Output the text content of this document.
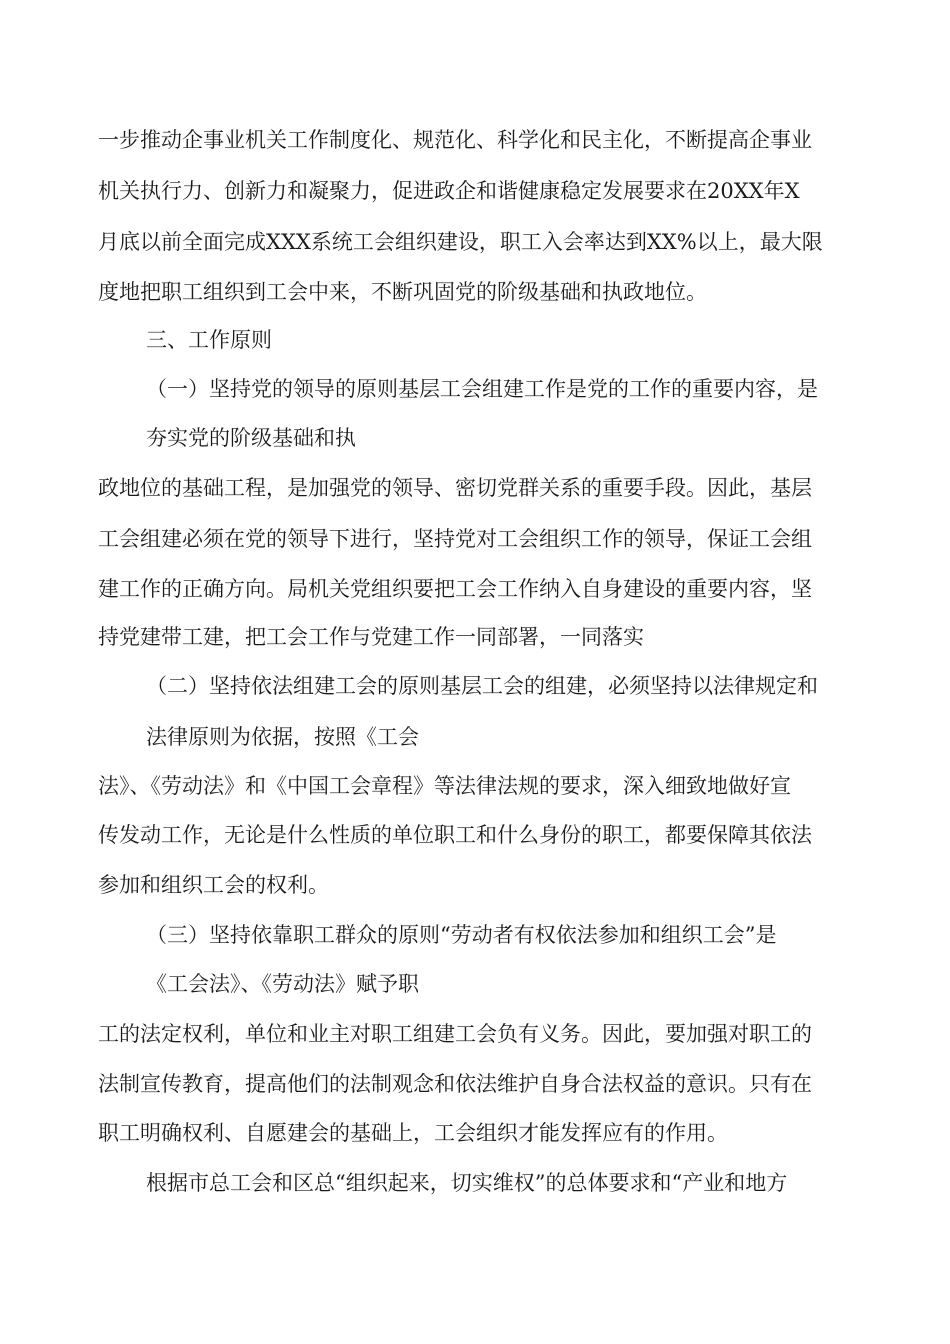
一步推动企事业机关工作制度化、规范化、科学化和民主化，不断提高企事业
机关执行力、创新力和凝聚力，促进政企和谐健康稳定发展要求在20XX年X
月底以前全面完成XXX系统工会组织建设，职工入会率达到XX%以上，最大限
度地把职工组织到工会中来，不断巩固党的阶级基础和执政地位。
三、工作原则
（一）坚持党的领导的原则基层工会组建工作是党的工作的重要内容，是
夯实党的阶级基础和执
政地位的基础工程，是加强党的领导、密切党群关系的重要手段。因此，基层
工会组建必须在党的领导下进行，坚持党对工会组织工作的领导，保证工会组
建工作的正确方向。局机关党组织要把工会工作纳入自身建设的重要内容，坚
持党建带工建，把工会工作与党建工作一同部署，一同落实
（二）坚持依法组建工会的原则基层工会的组建，必须坚持以法律规定和
法律原则为依据，按照《工会
法》、《劳动法》和《中国工会章程》等法律法规的要求，深入细致地做好宣
传发动工作，无论是什么性质的单位职工和什么身份的职工，都要保障其依法
参加和组织工会的权利。
（三）坚持依靠职工群众的原则“劳动者有权依法参加和组织工会”是
《工会法》、《劳动法》赋予职
工的法定权利，单位和业主对职工组建工会负有义务。因此，要加强对职工的
法制宣传教育，提高他们的法制观念和依法维护自身合法权益的意识。只有在
职工明确权利、自愿建会的基础上，工会组织才能发挥应有的作用。
根据市总工会和区总“组织起来，切实维权”的总体要求和“产业和地方
